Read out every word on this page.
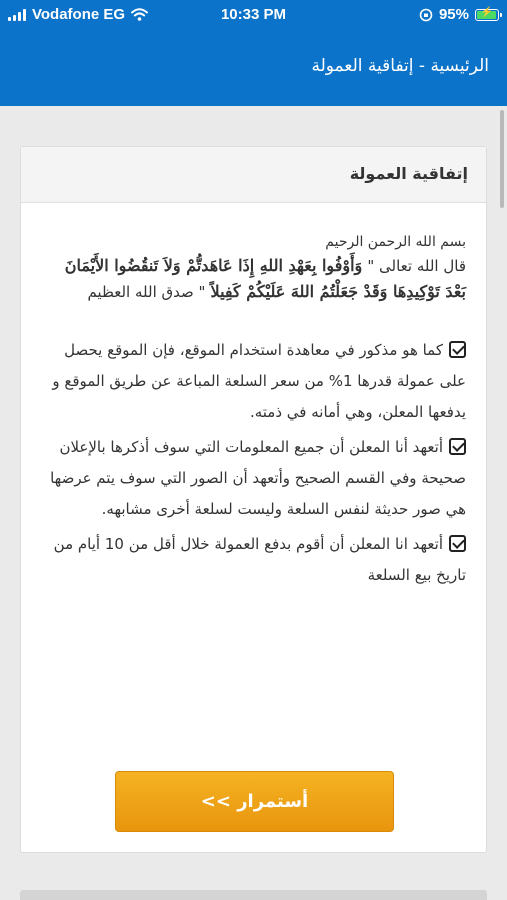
Vodafone EG	10:33 PM	95%	⚡
الرئيسية - إتفاقية العمولة
إتفاقية العمولة
بسم الله الرحمن الرحيم
قال الله تعالى " وَأَوْفُوا بِعَهْدِ اللهِ إِذَا عَاهَدتُّمْ وَلاَ تَنقُضُوا الأَيْمَانَ بَعْدَ تَوْكِيدِهَا وَقَدْ جَعَلْتُمُ اللهَ عَلَيْكُمْ كَفِيلاً " صدق الله العظيم
كما هو مذكور في معاهدة استخدام الموقع، فإن الموقع يحصل على عمولة قدرها 1% من سعر السلعة المباعة عن طريق الموقع و يدفعها المعلن، وهي أمانه في ذمته.
أتعهد أنا المعلن أن جميع المعلومات التي سوف أذكرها بالإعلان صحيحة وفي القسم الصحيح وأتعهد أن الصور التي سوف يتم عرضها هي صور حديثة لنفس السلعة وليست لسلعة أخرى مشابهه.
أتعهد انا المعلن أن أقوم بدفع العمولة خلال أقل من 10 أيام من تاريخ بيع السلعة
أستمرار >>
